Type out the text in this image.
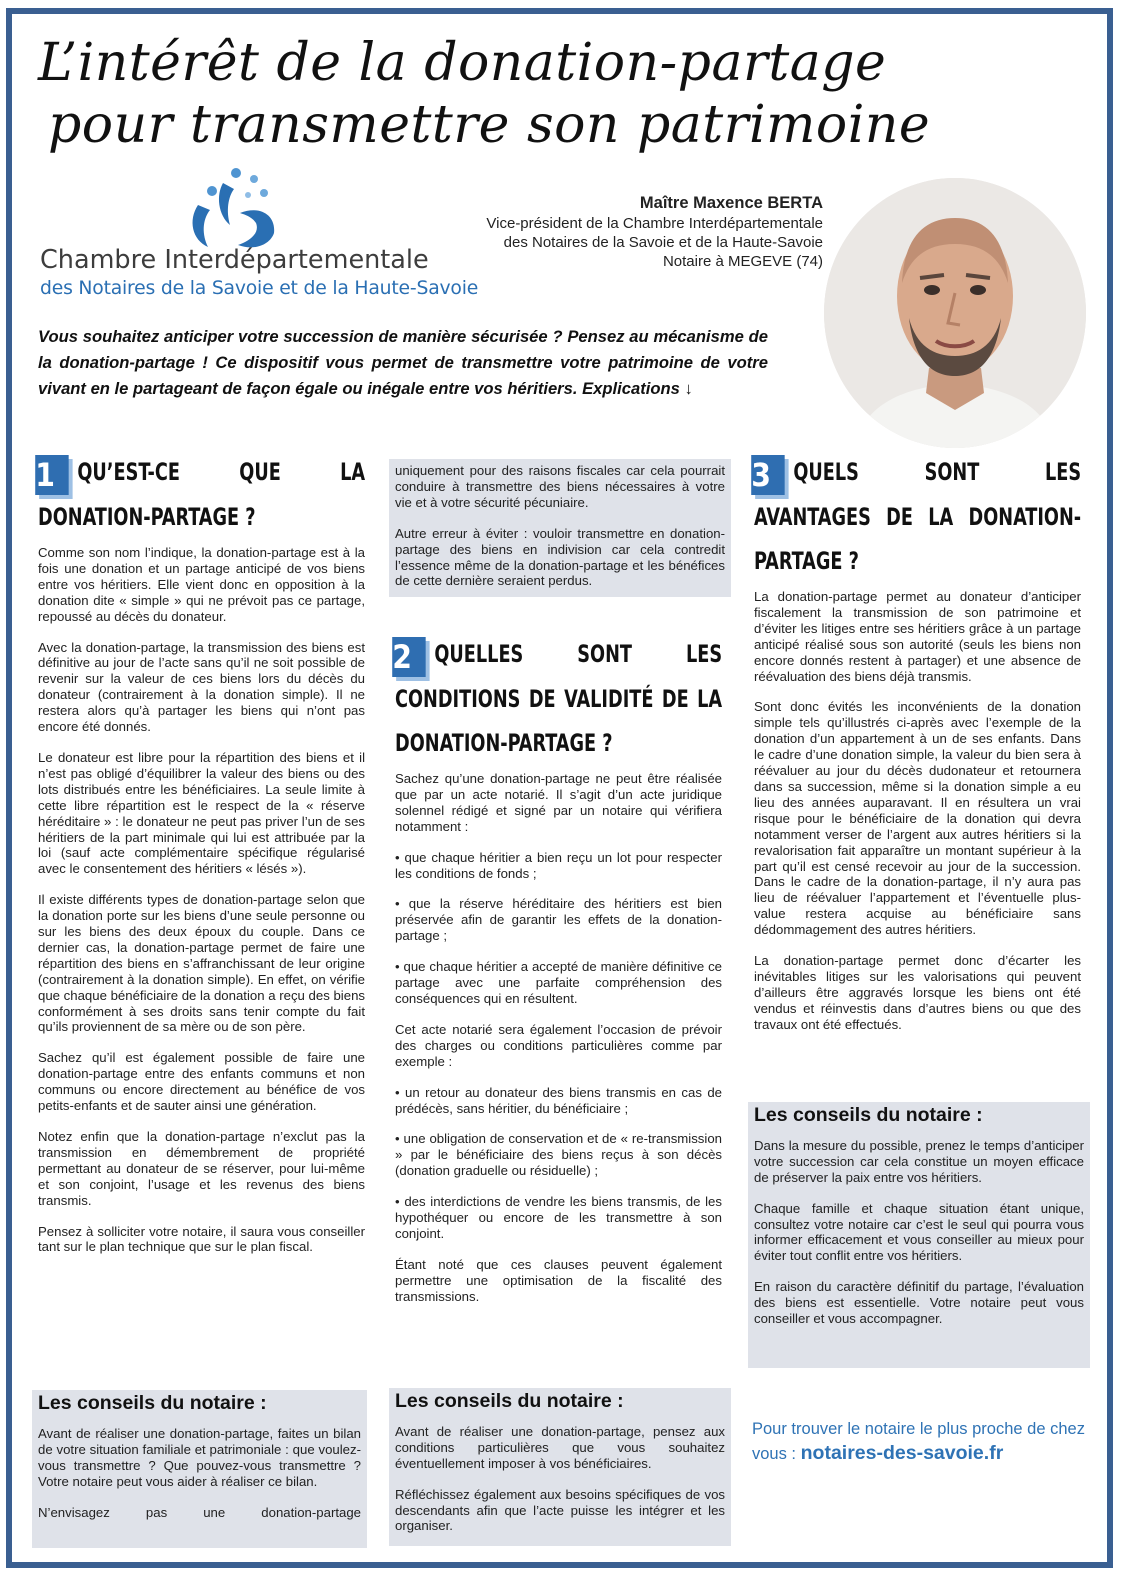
L’intérêt de la donation-partage
pour transmettre son patrimoine
Chambre Interdépartementale
des Notaires de la Savoie et de la Haute-Savoie
Maître Maxence BERTA
Vice-président de la Chambre Interdépartementale
des Notaires de la Savoie et de la Haute-Savoie
Notaire à MEGEVE (74)
Vous souhaitez anticiper votre succession de manière sécurisée ? Pensez au mécanisme de la donation-partage ! Ce dispositif vous permet de transmettre votre patrimoine de votre vivant en le partageant de façon égale ou inégale entre vos héritiers. Explications ↓
1 QU’EST-CE QUE LA DONATION-PARTAGE ?

Comme son nom l’indique, la donation-partage est à la fois une donation et un partage anticipé de vos biens entre vos héritiers. Elle vient donc en opposition à la donation dite « simple » qui ne prévoit pas ce partage, repoussé au décès du donateur.

Avec la donation-partage, la transmission des biens est définitive au jour de l’acte sans qu’il ne soit possible de revenir sur la valeur de ces biens lors du décès du donateur (contrairement à la donation simple). Il ne restera alors qu’à partager les biens qui n’ont pas encore été donnés.

Le donateur est libre pour la répartition des biens et il n’est pas obligé d’équilibrer la valeur des biens ou des lots distribués entre les bénéficiaires. La seule limite à cette libre répartition est le respect de la « réserve héréditaire » : le donateur ne peut pas priver l’un de ses héritiers de la part minimale qui lui est attribuée par la loi (sauf acte complémentaire spécifique régularisé avec le consentement des héritiers « lésés »).

Il existe différents types de donation-partage selon que la donation porte sur les biens d’une seule personne ou sur les biens des deux époux du couple. Dans ce dernier cas, la donation-partage permet de faire une répartition des biens en s’affranchissant de leur origine (contrairement à la donation simple). En effet, on vérifie que chaque bénéficiaire de la donation a reçu des biens conformément à ses droits sans tenir compte du fait qu’ils proviennent de sa mère ou de son père.

Sachez qu’il est également possible de faire une donation-partage entre des enfants communs et non communs ou encore directement au bénéfice de vos petits-enfants et de sauter ainsi une génération.

Notez enfin que la donation-partage n’exclut pas la transmission en démembrement de propriété permettant au donateur de se réserver, pour lui-même et son conjoint, l’usage et les revenus des biens transmis.

Pensez à solliciter votre notaire, il saura vous conseiller tant sur le plan technique que sur le plan fiscal.

Les conseils du notaire :

Avant de réaliser une donation-partage, faites un bilan de votre situation familiale et patrimoniale : que voulez-vous transmettre ? Que pouvez-vous transmettre ? Votre notaire peut vous aider à réaliser ce bilan.

N’envisagez pas une donation-partage

uniquement pour des raisons fiscales car cela pourrait conduire à transmettre des biens nécessaires à votre vie et à votre sécurité pécuniaire.

Autre erreur à éviter : vouloir transmettre en donation-partage des biens en indivision car cela contredit l’essence même de la donation-partage et les bénéfices de cette dernière seraient perdus.

2 QUELLES SONT LES CONDITIONS DE VALIDITÉ DE LA DONATION-PARTAGE ?

Sachez qu’une donation-partage ne peut être réalisée que par un acte notarié. Il s’agit d’un acte juridique solennel rédigé et signé par un notaire qui vérifiera notamment :

• que chaque héritier a bien reçu un lot pour respecter les conditions de fonds ;

• que la réserve héréditaire des héritiers est bien préservée afin de garantir les effets de la donation-partage ;

• que chaque héritier a accepté de manière définitive ce partage avec une parfaite compréhension des conséquences qui en résultent.

Cet acte notarié sera également l’occasion de prévoir des charges ou conditions particulières comme par exemple :

• un retour au donateur des biens transmis en cas de prédécès, sans héritier, du bénéficiaire ;

• une obligation de conservation et de « re-transmission » par le bénéficiaire des biens reçus à son décès (donation graduelle ou résiduelle) ;

• des interdictions de vendre les biens transmis, de les hypothéquer ou encore de les transmettre à son conjoint.

Étant noté que ces clauses peuvent également permettre une optimisation de la fiscalité des transmissions.

Les conseils du notaire :

Avant de réaliser une donation-partage, pensez aux conditions particulières que vous souhaitez éventuellement imposer à vos bénéficiaires.

Réfléchissez également aux besoins spécifiques de vos descendants afin que l’acte puisse les intégrer et les organiser.

3 QUELS SONT LES AVANTAGES DE LA DONATION-PARTAGE ?

La donation-partage permet au donateur d’anticiper fiscalement la transmission de son patrimoine et d’éviter les litiges entre ses héritiers grâce à un partage anticipé réalisé sous son autorité (seuls les biens non encore donnés restent à partager) et une absence de réévaluation des biens déjà transmis.

Sont donc évités les inconvénients de la donation simple tels qu’illustrés ci-après avec l’exemple de la donation d’un appartement à un de ses enfants. Dans le cadre d’une donation simple, la valeur du bien sera à réévaluer au jour du décès dudonateur et retournera dans sa succession, même si la donation simple a eu lieu des années auparavant. Il en résultera un vrai risque pour le bénéficiaire de la donation qui devra notamment verser de l’argent aux autres héritiers si la revalorisation fait apparaître un montant supérieur à la part qu’il est censé recevoir au jour de la succession. Dans le cadre de la donation-partage, il n’y aura pas lieu de réévaluer l’appartement et l’éventuelle plus-value restera acquise au bénéficiaire sans dédommagement des autres héritiers.

La donation-partage permet donc d’écarter les inévitables litiges sur les valorisations qui peuvent d’ailleurs être aggravés lorsque les biens ont été vendus et réinvestis dans d’autres biens ou que des travaux ont été effectués.

Les conseils du notaire :

Dans la mesure du possible, prenez le temps d’anticiper votre succession car cela constitue un moyen efficace de préserver la paix entre vos héritiers.

Chaque famille et chaque situation étant unique, consultez votre notaire car c’est le seul qui pourra vous informer efficacement et vous conseiller au mieux pour éviter tout conflit entre vos héritiers.

En raison du caractère définitif du partage, l’évaluation des biens est essentielle. Votre notaire peut vous conseiller et vous accompagner.

Pour trouver le notaire le plus proche de chez vous : notaires-des-savoie.fr
